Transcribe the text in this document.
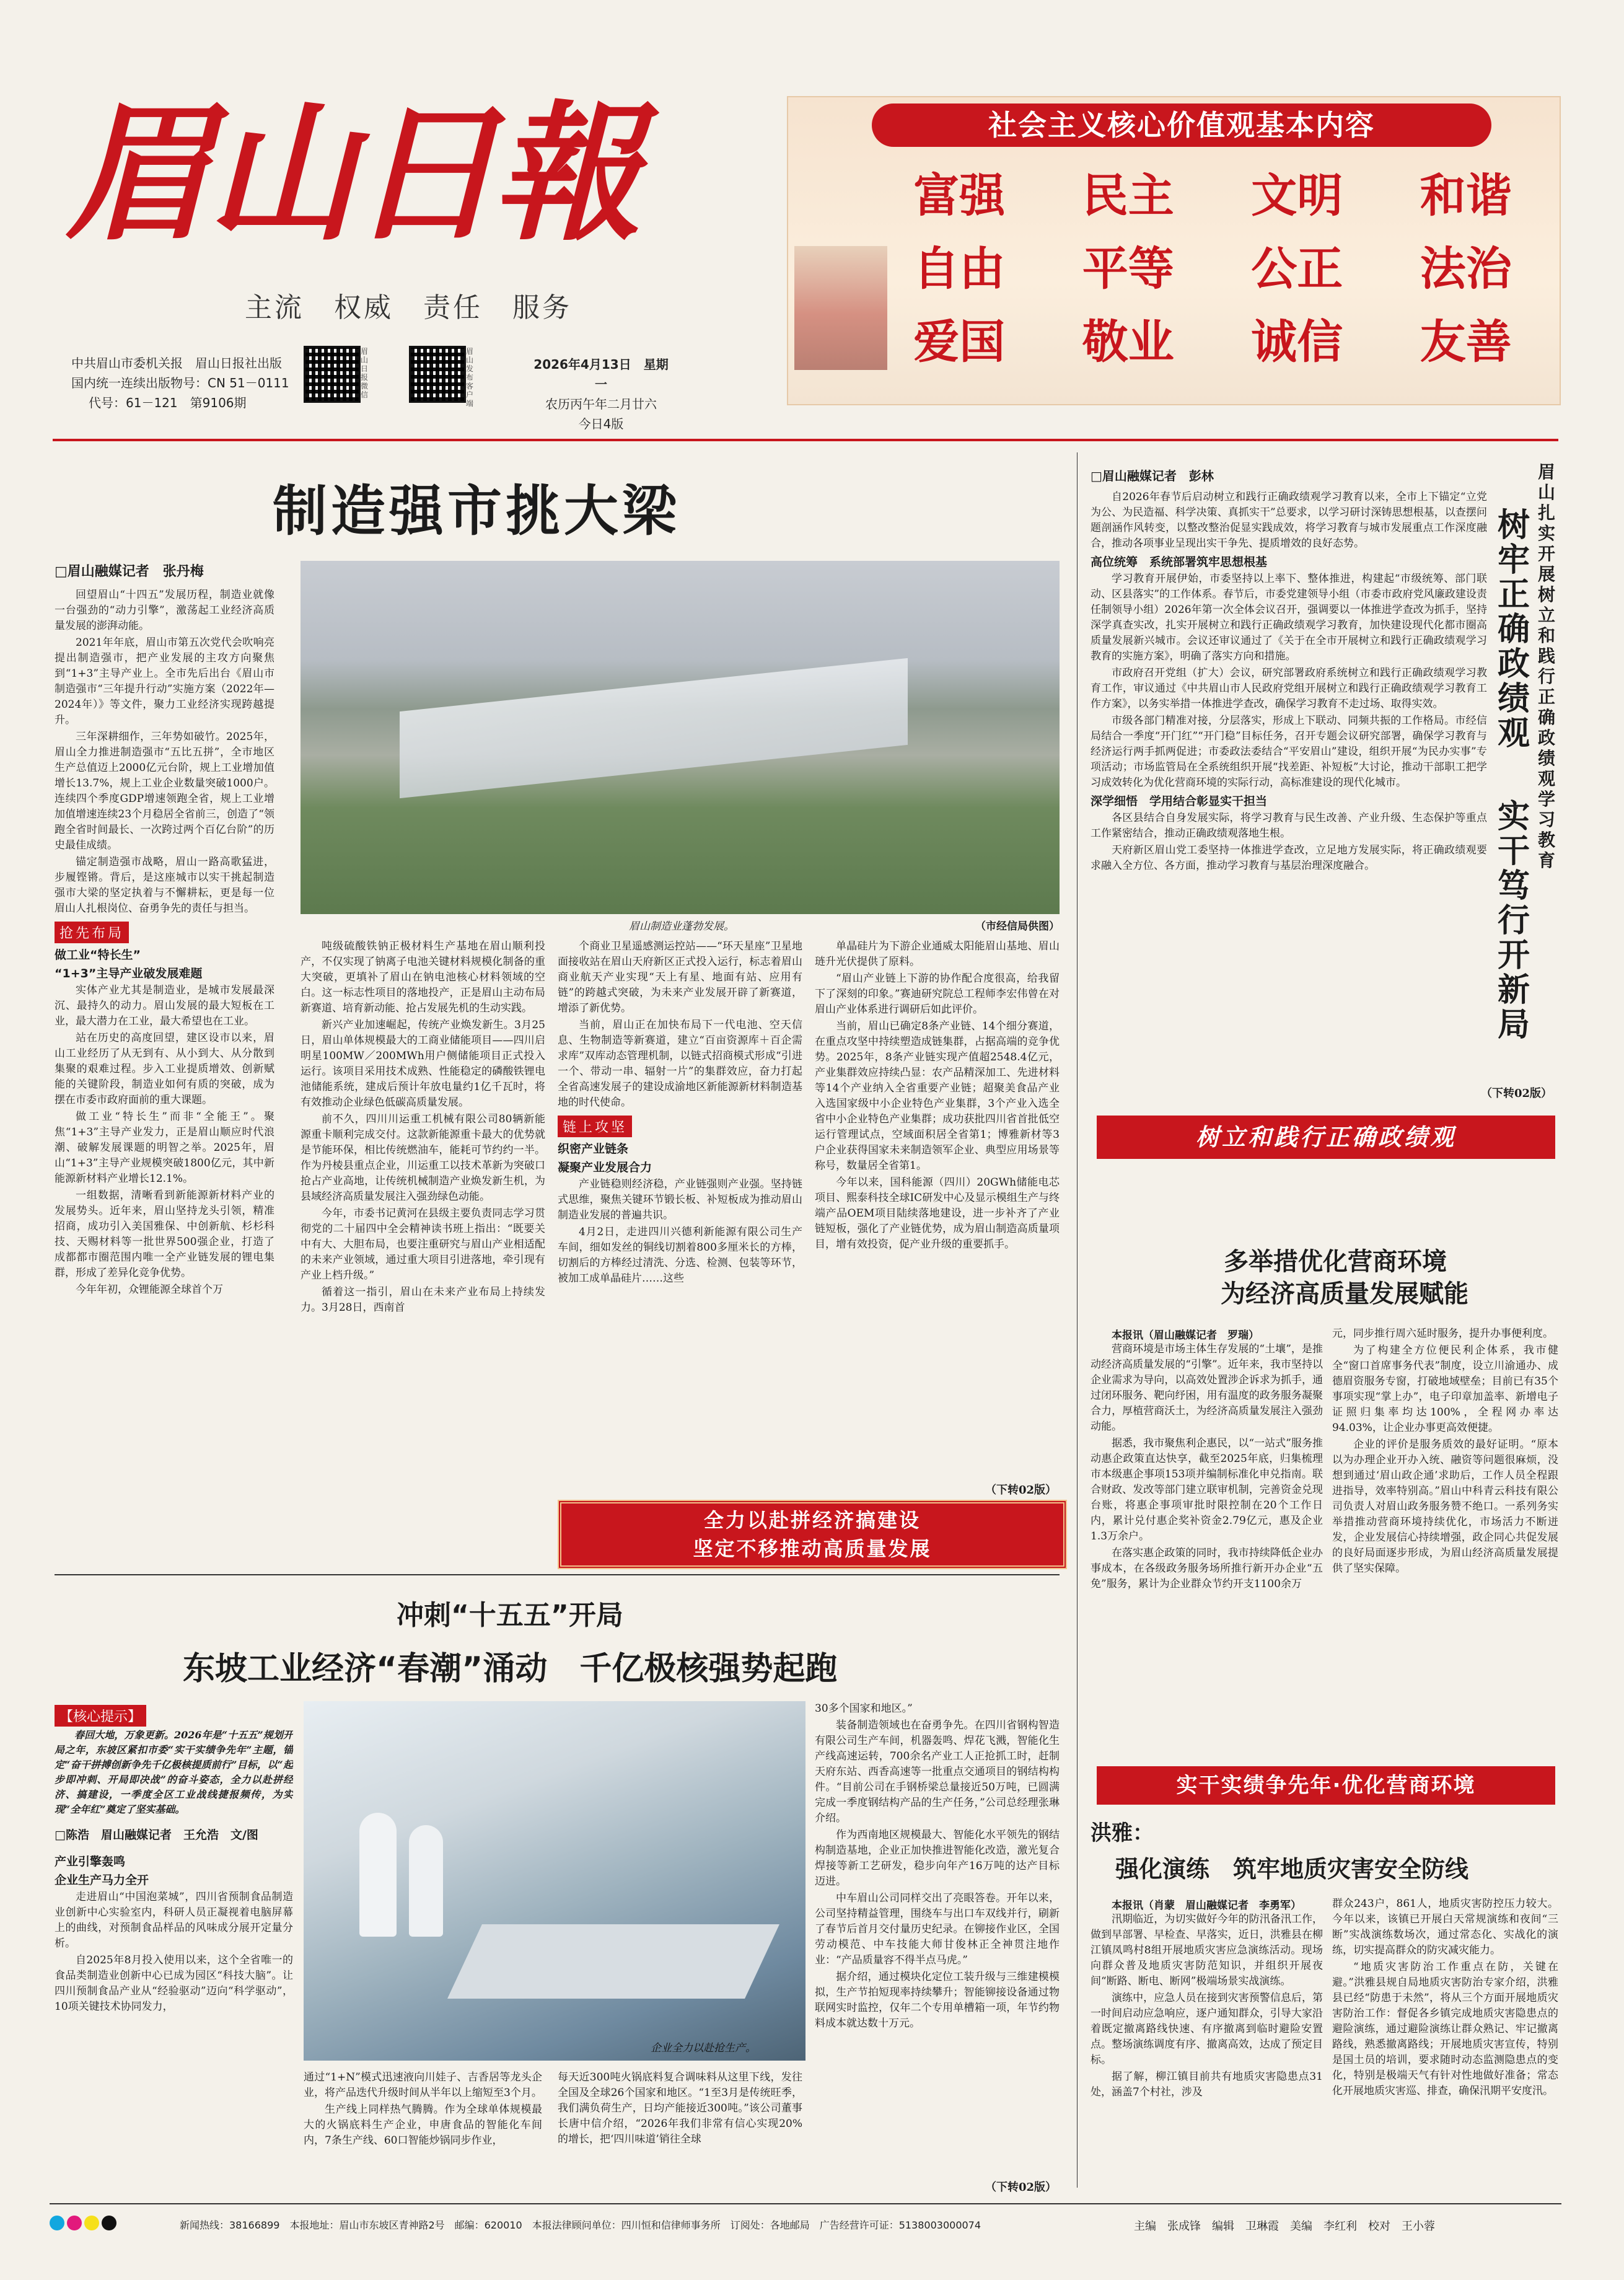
眉山日報
主流　权威　责任　服务
中共眉山市委机关报　眉山日报社出版
国内统一连续出版物号：CN 51－0111
代号：61－121　第9106期
眉山日报微信
眉山发布客户端
2026年4月13日　星期一
农历丙午年二月廿六
今日4版
社会主义核心价值观基本内容
富强	民主	文明	和谐
自由	平等	公正	法治
爱国	敬业	诚信	友善
制造强市挑大梁
□眉山融媒记者　张丹梅

回望眉山“十四五”发展历程，制造业就像一台强劲的“动力引擎”，激荡起工业经济高质量发展的澎湃动能。

2021年年底，眉山市第五次党代会吹响亮提出制造强市，把产业发展的主攻方向聚焦到“1+3”主导产业上。全市先后出台《眉山市制造强市“三年提升行动”实施方案（2022年—2024年）》等文件，聚力工业经济实现跨越提升。

三年深耕细作，三年势如破竹。2025年，眉山全力推进制造强市“五比五拼”，全市地区生产总值迈上2000亿元台阶，规上工业增加值增长13.7%，规上工业企业数量突破1000户。连续四个季度GDP增速领跑全省，规上工业增加值增速连续23个月稳居全省前三，创造了“领跑全省时间最长、一次跨过两个百亿台阶”的历史最佳成绩。

锚定制造强市战略，眉山一路高歌猛进，步履铿锵。背后，是这座城市以实干挑起制造强市大梁的坚定执着与不懈耕耘，更是每一位眉山人扎根岗位、奋勇争先的责任与担当。

抢先布局
做工业“特长生”
“1+3”主导产业破发展难题

实体产业尤其是制造业，是城市发展最深沉、最持久的动力。眉山发展的最大短板在工业，最大潜力在工业，最大希望也在工业。

站在历史的高度回望，建区设市以来，眉山工业经历了从无到有、从小到大、从分散到集聚的艰难过程。步入工业提质增效、创新赋能的关键阶段，制造业如何有质的突破，成为摆在市委市政府面前的重大课题。

做工业“特长生”而非“全能王”。聚焦“1+3”主导产业发力，正是眉山顺应时代浪潮、破解发展课题的明智之举。2025年，眉山“1+3”主导产业规模突破1800亿元，其中新能源新材料产业增长12.1%。

一组数据，清晰看到新能源新材料产业的发展势头。近年来，眉山坚持龙头引领，精准招商，成功引入美国雅保、中创新航、杉杉科技、天赐材料等一批世界500强企业，打造了成都都市圈范围内唯一全产业链发展的锂电集群，形成了差异化竞争优势。

今年年初，众锂能源全球首个万

眉山制造业蓬勃发展。	（市经信局供图）

吨级硫酸铁钠正极材料生产基地在眉山顺利投产，不仅实现了钠离子电池关键材料规模化制备的重大突破，更填补了眉山在钠电池核心材料领域的空白。这一标志性项目的落地投产，正是眉山主动布局新赛道、培育新动能、抢占发展先机的生动实践。

新兴产业加速崛起，传统产业焕发新生。3月25日，眉山单体规模最大的工商业储能项目——四川启明星100MW／200MWh用户侧储能项目正式投入运行。该项目采用技术成熟、性能稳定的磷酸铁锂电池储能系统，建成后预计年放电量约1亿千瓦时，将有效推动企业绿色低碳高质量发展。

前不久，四川川运重工机械有限公司80辆新能源重卡顺利完成交付。这款新能源重卡最大的优势就是节能环保，相比传统燃油车，能耗可节约约一半。作为丹棱县重点企业，川运重工以技术革新为突破口抢占产业高地，让传统机械制造产业焕发新生机，为县域经济高质量发展注入强劲绿色动能。

今年，市委书记黄河在县级主要负责同志学习贯彻党的二十届四中全会精神读书班上指出：“既要关中有大、大胆布局，也要注重研究与眉山产业相适配的未来产业领域，通过重大项目引进落地，牵引现有产业上档升级。”

循着这一指引，眉山在未来产业布局上持续发力。3月28日，西南首

个商业卫星遥感测运控站——“环天星座”卫星地面接收站在眉山天府新区正式投入运行，标志着眉山商业航天产业实现“天上有星、地面有站、应用有链”的跨越式突破，为未来产业发展开辟了新赛道，增添了新优势。

当前，眉山正在加快布局下一代电池、空天信息、生物制造等新赛道，建立“百亩资源库＋百企需求库”双库动态管理机制，以链式招商模式形成“引进一个、带动一串、辐射一片”的集群效应，奋力打起全省高速发展子的建设成渝地区新能源新材料制造基地的时代使命。

链上攻坚
织密产业链条
凝聚产业发展合力

产业链稳则经济稳，产业链强则产业强。坚持链式思维，聚焦关键环节锻长板、补短板成为推动眉山制造业发展的普遍共识。

4月2日，走进四川兴德利新能源有限公司生产车间，细如发丝的铜线切割着800多厘米长的方棒，切割后的方棒经过清洗、分选、检测、包装等环节，被加工成单晶硅片……这些

单晶硅片为下游企业通威太阳能眉山基地、眉山琏升光伏提供了原料。

“眉山产业链上下游的协作配合度很高，给我留下了深刻的印象。”赛迪研究院总工程师李宏伟曾在对眉山产业体系进行调研后如此评价。

当前，眉山已确定8条产业链、14个细分赛道，在重点攻坚中持续塑造成链集群，占据高端的竞争优势。2025年，8条产业链实现产值超2548.4亿元，产业集群效应持续凸显：农产品精深加工、先进材料等14个产业纳入全省重要产业链；超聚美食品产业入选国家级中小企业特色产业集群，3个产业入选全省中小企业特色产业集群；成功获批四川省首批低空运行管理试点，空域面积居全省第1；博雅新材等3户企业获得国家未来制造领军企业、典型应用场景等称号，数量居全省第1。

今年以来，国科能源（四川）20GWh储能电芯项目、熙泰科技全球IC研发中心及显示模组生产与终端产品OEM项目陆续落地建设，进一步补齐了产业链短板，强化了产业链优势，成为眉山制造高质量项目，增有效投资，促产业升级的重要抓手。

（下转02版）
全力以赴拼经济搞建设
坚定不移推动高质量发展
□眉山融媒记者　彭林	眉山扎实开展树立和践行正确政绩观学习教育
树牢正确政绩观
实干笃行开新局

自2026年春节后启动树立和践行正确政绩观学习教育以来，全市上下锚定“立党为公、为民造福、科学决策、真抓实干”总要求，以学习研讨深铸思想根基，以查摆问题剖涵作风转变，以整改整治促显实践成效，将学习教育与城市发展重点工作深度融合，推动各项事业呈现出实干争先、提质增效的良好态势。

高位统筹　系统部署筑牢思想根基

学习教育开展伊始，市委坚持以上率下、整体推进，构建起“市级统筹、部门联动、区县落实”的工作体系。春节后，市委党建领导小组（市委市政府党风廉政建设责任制领导小组）2026年第一次全体会议召开，强调要以一体推进学查改为抓手，坚持深学真查实改，扎实开展树立和践行正确政绩观学习教育，加快建设现代化都市圈高质量发展新兴城市。会议还审议通过了《关于在全市开展树立和践行正确政绩观学习教育的实施方案》，明确了落实方向和措施。

市政府召开党组（扩大）会议，研究部署政府系统树立和践行正确政绩观学习教育工作，审议通过《中共眉山市人民政府党组开展树立和践行正确政绩观学习教育工作方案》，以务实举措一体推进学查改，确保学习教育不走过场、取得实效。

市级各部门精准对接，分层落实，形成上下联动、同频共振的工作格局。市经信局结合一季度“开门红”“开门稳”目标任务，召开专题会议研究部署，确保学习教育与经济运行两手抓两促进；市委政法委结合“平安眉山”建设，组织开展“为民办实事”专项活动；市场监管局在全系统组织开展“找差距、补短板”大讨论，推动干部职工把学习成效转化为优化营商环境的实际行动，高标准建设的现代化城市。

深学细悟　学用结合彰显实干担当

各区县结合自身发展实际，将学习教育与民生改善、产业升级、生态保护等重点工作紧密结合，推动正确政绩观落地生根。

天府新区眉山党工委坚持一体推进学查改，立足地方发展实际，将正确政绩观要求融入全方位、各方面，推动学习教育与基层治理深度融合。

（下转02版）
树立和践行正确政绩观
多举措优化营商环境
为经济高质量发展赋能
本报讯（眉山融媒记者　罗瑞）

营商环境是市场主体生存发展的“土壤”，是推动经济高质量发展的“引擎”。近年来，我市坚持以企业需求为导向，以高效处置涉企诉求为抓手，通过闭环服务、靶向纾困，用有温度的政务服务凝聚合力，厚植营商沃土，为经济高质量发展注入强劲动能。

据悉，我市聚焦利企惠民，以“一站式”服务推动惠企政策直达快享，截至2025年底，归集梳理市本级惠企事项153项并编制标准化申兑指南。联合财政、发改等部门建立联审机制，完善资金兑现台账，将惠企事项审批时限控制在20个工作日内，累计兑付惠企奖补资金2.79亿元，惠及企业1.3万余户。

在落实惠企政策的同时，我市持续降低企业办事成本，在各级政务服务场所推行新开办企业“五免”服务，累计为企业群众节约开支1100余万

元，同步推行周六延时服务，提升办事便利度。

为了构建全方位便民利企体系，我市健全“窗口首席事务代表”制度，设立川渝通办、成德眉资服务专窗，打破地域壁垒；目前已有35个事项实现“掌上办”，电子印章加盖率、新增电子证照归集率均达100%，全程网办率达94.03%，让企业办事更高效便捷。

企业的评价是服务质效的最好证明。“原本以为办理企业开办入统、融资等问题很麻烦，没想到通过‘眉山政企通’求助后，工作人员全程跟进指导，效率特别高。”眉山中科青云科技有限公司负责人对眉山政务服务赞不绝口。一系列务实举措推动营商环境持续优化，市场活力不断迸发，企业发展信心持续增强，政企同心共促发展的良好局面逐步形成，为眉山经济高质量发展提供了坚实保障。

实干实绩争先年·优化营商环境
洪雅：
强化演练　筑牢地质灾害安全防线
本报讯（肖蒙　眉山融媒记者　李勇军）

汛期临近，为切实做好今年的防汛备汛工作，做到早部署、早检查、早落实，近日，洪雅县在柳江镇凤鸣村8组开展地质灾害应急演练活动。现场向群众普及地质灾害防范知识，并组织开展夜间“断路、断电、断网”极端场景实战演练。

演练中，应急人员在接到灾害预警信息后，第一时间启动应急响应，逐户通知群众，引导大家沿着既定撤离路线快速、有序撤离到临时避险安置点。整场演练调度有序、撤离高效，达成了预定目标。

据了解，柳江镇目前共有地质灾害隐患点31处，涵盖7个村社，涉及

群众243户，861人，地质灾害防控压力较大。今年以来，该镇已开展白天常规演练和夜间“三断”实战演练数场次，通过常态化、实战化的演练，切实提高群众的防灾减灾能力。

“地质灾害防治工作重点在防，关键在避。”洪雅县规自局地质灾害防治专家介绍，洪雅县已经“防患于未然”，将从三个方面开展地质灾害防治工作：督促各乡镇完成地质灾害隐患点的避险演练，通过避险演练让群众熟记、牢记撤离路线，熟悉撤离路线；开展地质灾害宣传，特别是国土员的培训，要求随时动态监测隐患点的变化，特别是极端天气有针对性地做好准备；常态化开展地质灾害巡、排查，确保汛期平安度汛。

冲刺“十五五”开局
东坡工业经济“春潮”涌动　千亿极核强势起跑
【核心提示】

春回大地，万象更新。2026年是“十五五”规划开局之年，东坡区紧扣市委“实干实绩争先年”主题，锚定“奋干拼搏创新争先千亿极核提质前行”目标，以“起步即冲刺、开局即决战”的奋斗姿态，全力以赴拼经济、搞建设，一季度全区工业战线捷报频传，为实现“全年红”奠定了坚实基础。

□陈浩　眉山融媒记者　王允浩　文/图
产业引擎轰鸣
企业生产马力全开

走进眉山“中国泡菜城”，四川省预制食品制造业创新中心实验室内，科研人员正凝视着电脑屏幕上的曲线，对预制食品样品的风味成分展开定量分析。

自2025年8月投入使用以来，这个全省唯一的食品类制造业创新中心已成为园区“科技大脑”。让四川预制食品产业从“经验驱动”迈向“科学驱动”，10项关键技术协同发力，

企业全力以赴抢生产。

通过“1+N”模式迅速液向川娃子、吉香居等龙头企业，将产品迭代升级时间从半年以上缩短至3个月。

生产线上同样热气腾腾。作为全球单体规模最大的火锅底料生产企业，申唐食品的智能化车间内，7条生产线、60口智能炒锅同步作业，

每天近300吨火锅底料复合调味料从这里下线，发往全国及全球26个国家和地区。“1至3月是传统旺季，我们满负荷生产，日均产能接近300吨。”该公司董事长唐中信介绍，“2026年我们非常有信心实现20%的增长，把‘四川味道’销往全球

30多个国家和地区。”

装备制造领域也在奋勇争先。在四川省钢构智造有限公司生产车间，机器轰鸣、焊花飞溅，智能化生产线高速运转，700余名产业工人正抢抓工时，赶制天府东站、西香高速等一批重点交通项目的钢结构构件。“目前公司在手钢桥梁总量接近50万吨，已圆满完成一季度钢结构产品的生产任务，”公司总经理张琳介绍。

作为西南地区规模最大、智能化水平领先的钢结构制造基地，企业正加快推进智能化改造，激光复合焊接等新工艺研发，稳步向年产16万吨的达产目标迈进。

中车眉山公司同样交出了亮眼答卷。开年以来，公司坚持精益管理，围绕车与出口车双线并行，刷新了春节后首月交付量历史纪录。在铆接作业区，全国劳动模范、中车技能大师甘俊林正全神贯注地作业：“产品质量容不得半点马虎。”

据介绍，通过模块化定位工装升级与三维建模模拟，生产节拍短现率持续攀升；智能铆接设备通过物联网实时监控，仅年二个专用单槽箱一项，年节约物料成本就达数十万元。

（下转02版）
新闻热线：38166899　本报地址：眉山市东坡区青神路2号　邮编：620010　本报法律顾问单位：四川恒和信律师事务所　订阅处：各地邮局　广告经营许可证：5138003000074	主编　张成锋　编辑　卫琳霞　美编　李红利　校对　王小蓉
